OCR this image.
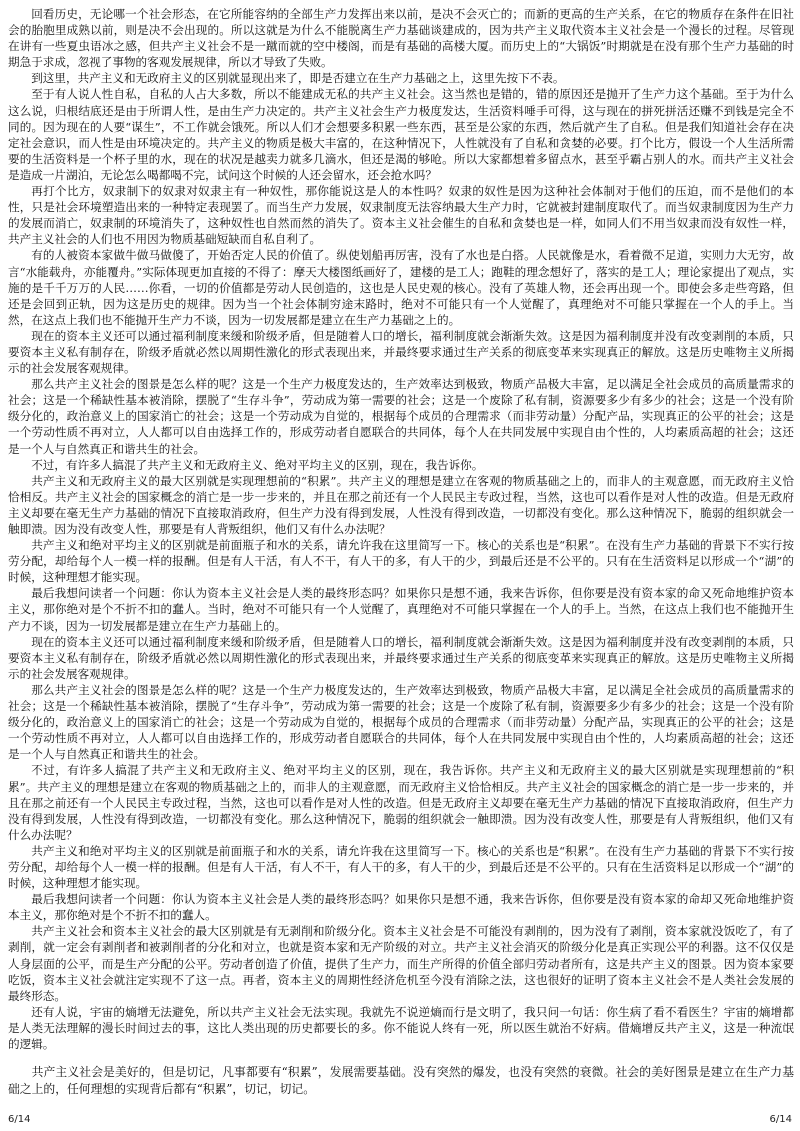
回看历史，无论哪一个社会形态，在它所能容纳的全部生产力发挥出来以前，是决不会灭亡的；而新的更高的生产关系，在它的物质存在条件在旧社会的胎胞里成熟以前，则是决不会出现的。所以这就是为什么不能脱离生产力基础谈建成的，因为共产主义取代资本主义社会是一个漫长的过程。尽管现在讲有一些夏虫语冰之感，但共产主义社会不是一蹴而就的空中楼阁，而是有基础的高楼大厦。而历史上的“大锅饭”时期就是在没有那个生产力基础的时期急于求成，忽视了事物的客观发展规律，所以才导致了失败。

到这里，共产主义和无政府主义的区别就显现出来了，即是否建立在生产力基础之上，这里先按下不表。

至于有人说人性自私，自私的人占大多数，所以不能建成无私的共产主义社会。这当然也是错的，错的原因还是抛开了生产力这个基础。至于为什么这么说，归根结底还是由于所谓人性，是由生产力决定的。共产主义社会生产力极度发达，生活资料唾手可得，这与现在的拼死拼活还赚不到钱是完全不同的。因为现在的人要“谋生”，不工作就会饿死。所以人们才会想要多积累一些东西，甚至是公家的东西，然后就产生了自私。但是我们知道社会存在决定社会意识，而人性是由环境决定的。共产主义的物质是极大丰富的，在这种情况下，人性就没有了自私和贪婪的必要。打个比方，假设一个人生活所需要的生活资料是一个杯子里的水，现在的状况是越卖力就多几滴水，但还是渴的够呛。所以大家都想着多留点水，甚至乎霸占别人的水。而共产主义社会是造成一片湖泊，无论怎么喝都喝不完，试问这个时候的人还会留水，还会抢水吗？

再打个比方，奴隶制下的奴隶对奴隶主有一种奴性，那你能说这是人的本性吗？奴隶的奴性是因为这种社会体制对于他们的压迫，而不是他们的本性，只是社会环境塑造出来的一种特定表现罢了。而当生产力发展，奴隶制度无法容纳最大生产力时，它就被封建制度取代了。而当奴隶制度因为生产力的发展而消亡，奴隶制的环境消失了，这种奴性也自然而然的消失了。资本主义社会催生的自私和贪婪也是一样，如同人们不用当奴隶而没有奴性一样，共产主义社会的人们也不用因为物质基础短缺而自私自利了。

有的人被资本家做牛做马做傻了，开始否定人民的价值了。纵使划船再厉害，没有了水也是白搭。人民就像是水，看着微不足道，实则力大无穷，故言“水能载舟，亦能覆舟。”实际体现更加直接的不得了：摩天大楼图纸画好了，建楼的是工人；跑鞋的理念想好了，落实的是工人；理论家提出了观点，实施的是千千万万的人民……你看，一切的价值都是劳动人民创造的，这也是人民史观的核心。没有了英雄人物，还会再出现一个。即使会多走些弯路，但还是会回到正轨，因为这是历史的规律。因为当一个社会体制穷途末路时，绝对不可能只有一个人觉醒了，真理绝对不可能只掌握在一个人的手上。当然，在这点上我们也不能抛开生产力不谈，因为一切发展都是建立在生产力基础之上的。

现在的资本主义还可以通过福利制度来缓和阶级矛盾，但是随着人口的增长，福利制度就会渐渐失效。这是因为福利制度并没有改变剥削的本质，只要资本主义私有制存在，阶级矛盾就必然以周期性激化的形式表现出来，并最终要求通过生产关系的彻底变革来实现真正的解放。这是历史唯物主义所揭示的社会发展客观规律。

那么共产主义社会的图景是怎么样的呢？这是一个生产力极度发达的，生产效率达到极致，物质产品极大丰富，足以满足全社会成员的高质量需求的社会；这是一个稀缺性基本被消除，摆脱了“生存斗争”，劳动成为第一需要的社会；这是一个废除了私有制，资源要多少有多少的社会；这是一个没有阶级分化的，政治意义上的国家消亡的社会；这是一个劳动成为自觉的，根据每个成员的合理需求（而非劳动量）分配产品，实现真正的公平的社会；这是一个劳动性质不再对立，人人都可以自由选择工作的，形成劳动者自愿联合的共同体，每个人在共同发展中实现自由个性的，人均素质高超的社会；这还是一个人与自然真正和谐共生的社会。

不过，有许多人搞混了共产主义和无政府主义、绝对平均主义的区别，现在，我告诉你。

共产主义和无政府主义的最大区别就是实现理想前的“积累”。共产主义的理想是建立在客观的物质基础之上的，而非人的主观意愿，而无政府主义恰恰相反。共产主义社会的国家概念的消亡是一步一步来的，并且在那之前还有一个人民民主专政过程，当然，这也可以看作是对人性的改造。但是无政府主义却要在毫无生产力基础的情况下直接取消政府，但生产力没有得到发展，人性没有得到改造，一切都没有变化。那么这种情况下，脆弱的组织就会一触即溃。因为没有改变人性，那要是有人背叛组织，他们又有什么办法呢？

共产主义和绝对平均主义的区别就是前面瓶子和水的关系，请允许我在这里简写一下。核心的关系也是“积累”。在没有生产力基础的背景下不实行按劳分配，却给每个人一模一样的报酬。但是有人干活，有人不干，有人干的多，有人干的少，到最后还是不公平的。只有在生活资料足以形成一个“湖”的时候，这种理想才能实现。

最后我想问读者一个问题：你认为资本主义社会是人类的最终形态吗？如果你只是想不通，我来告诉你，但你要是没有资本家的命又死命地维护资本主义，那你绝对是个不折不扣的蠢人。当时，绝对不可能只有一个人觉醒了，真理绝对不可能只掌握在一个人的手上。当然，在这点上我们也不能抛开生产力不谈，因为一切发展都是建立在生产力基础上的。

现在的资本主义还可以通过福利制度来缓和阶级矛盾，但是随着人口的增长，福利制度就会渐渐失效。这是因为福利制度并没有改变剥削的本质，只要资本主义私有制存在，阶级矛盾就必然以周期性激化的形式表现出来，并最终要求通过生产关系的彻底变革来实现真正的解放。这是历史唯物主义所揭示的社会发展客观规律。

那么共产主义社会的图景是怎么样的呢？这是一个生产力极度发达的，生产效率达到极致，物质产品极大丰富，足以满足全社会成员的高质量需求的社会；这是一个稀缺性基本被消除，摆脱了“生存斗争”，劳动成为第一需要的社会；这是一个废除了私有制，资源要多少有多少的社会；这是一个没有阶级分化的，政治意义上的国家消亡的社会；这是一个劳动成为自觉的，根据每个成员的合理需求（而非劳动量）分配产品，实现真正的公平的社会；这是一个劳动性质不再对立，人人都可以自由选择工作的，形成劳动者自愿联合的共同体，每个人在共同发展中实现自由个性的，人均素质高超的社会；这还是一个人与自然真正和谐共生的社会。

不过，有许多人搞混了共产主义和无政府主义、绝对平均主义的区别，现在，我告诉你。共产主义和无政府主义的最大区别就是实现理想前的“积累”。共产主义的理想是建立在客观的物质基础之上的，而非人的主观意愿，而无政府主义恰恰相反。共产主义社会的国家概念的消亡是一步一步来的，并且在那之前还有一个人民民主专政过程，当然，这也可以看作是对人性的改造。但是无政府主义却要在毫无生产力基础的情况下直接取消政府，但生产力没有得到发展，人性没有得到改造，一切都没有变化。那么这种情况下，脆弱的组织就会一触即溃。因为没有改变人性，那要是有人背叛组织，他们又有什么办法呢？

共产主义和绝对平均主义的区别就是前面瓶子和水的关系，请允许我在这里简写一下。核心的关系也是“积累”。在没有生产力基础的背景下不实行按劳分配，却给每个人一模一样的报酬。但是有人干活，有人不干，有人干的多，有人干的少，到最后还是不公平的。只有在生活资料足以形成一个“湖”的时候，这种理想才能实现。

最后我想问读者一个问题：你认为资本主义社会是人类的最终形态吗？如果你只是想不通，我来告诉你，但你要是没有资本家的命却又死命地维护资本主义，那你绝对是个不折不扣的蠢人。

共产主义社会和资本主义社会的最大区别就是有无剥削和阶级分化。资本主义社会是不可能没有剥削的，因为没有了剥削，资本家就没饭吃了，有了剥削，就一定会有剥削者和被剥削者的分化和对立，也就是资本家和无产阶级的对立。共产主义社会消灭的阶级分化是真正实现公平的利器。这不仅仅是人身层面的公平，而是生产分配的公平。劳动者创造了价值，提供了生产力，而生产所得的价值全部归劳动者所有，这是共产主义的图景。因为资本家要吃饭，资本主义社会就注定实现不了这一点。再者，资本主义的周期性经济危机至今没有消除之法，这也很好的证明了资本主义社会不是人类社会发展的最终形态。

还有人说，宇宙的熵增无法避免，所以共产主义社会无法实现。我就先不说逆熵而行是文明了，我只问一句话：你生病了看不看医生？宇宙的熵增都是人类无法理解的漫长时间过去的事，这比人类出现的历史都要长的多。你不能说人终有一死，所以医生就治不好病。借熵增反共产主义，这是一种流氓的逻辑。

共产主义社会是美好的，但是切记，凡事都要有“积累”，发展需要基础。没有突然的爆发，也没有突然的衰微。社会的美好图景是建立在生产力基础之上的，任何理想的实现背后都有“积累”，切记，切记。

6/14	6/14
